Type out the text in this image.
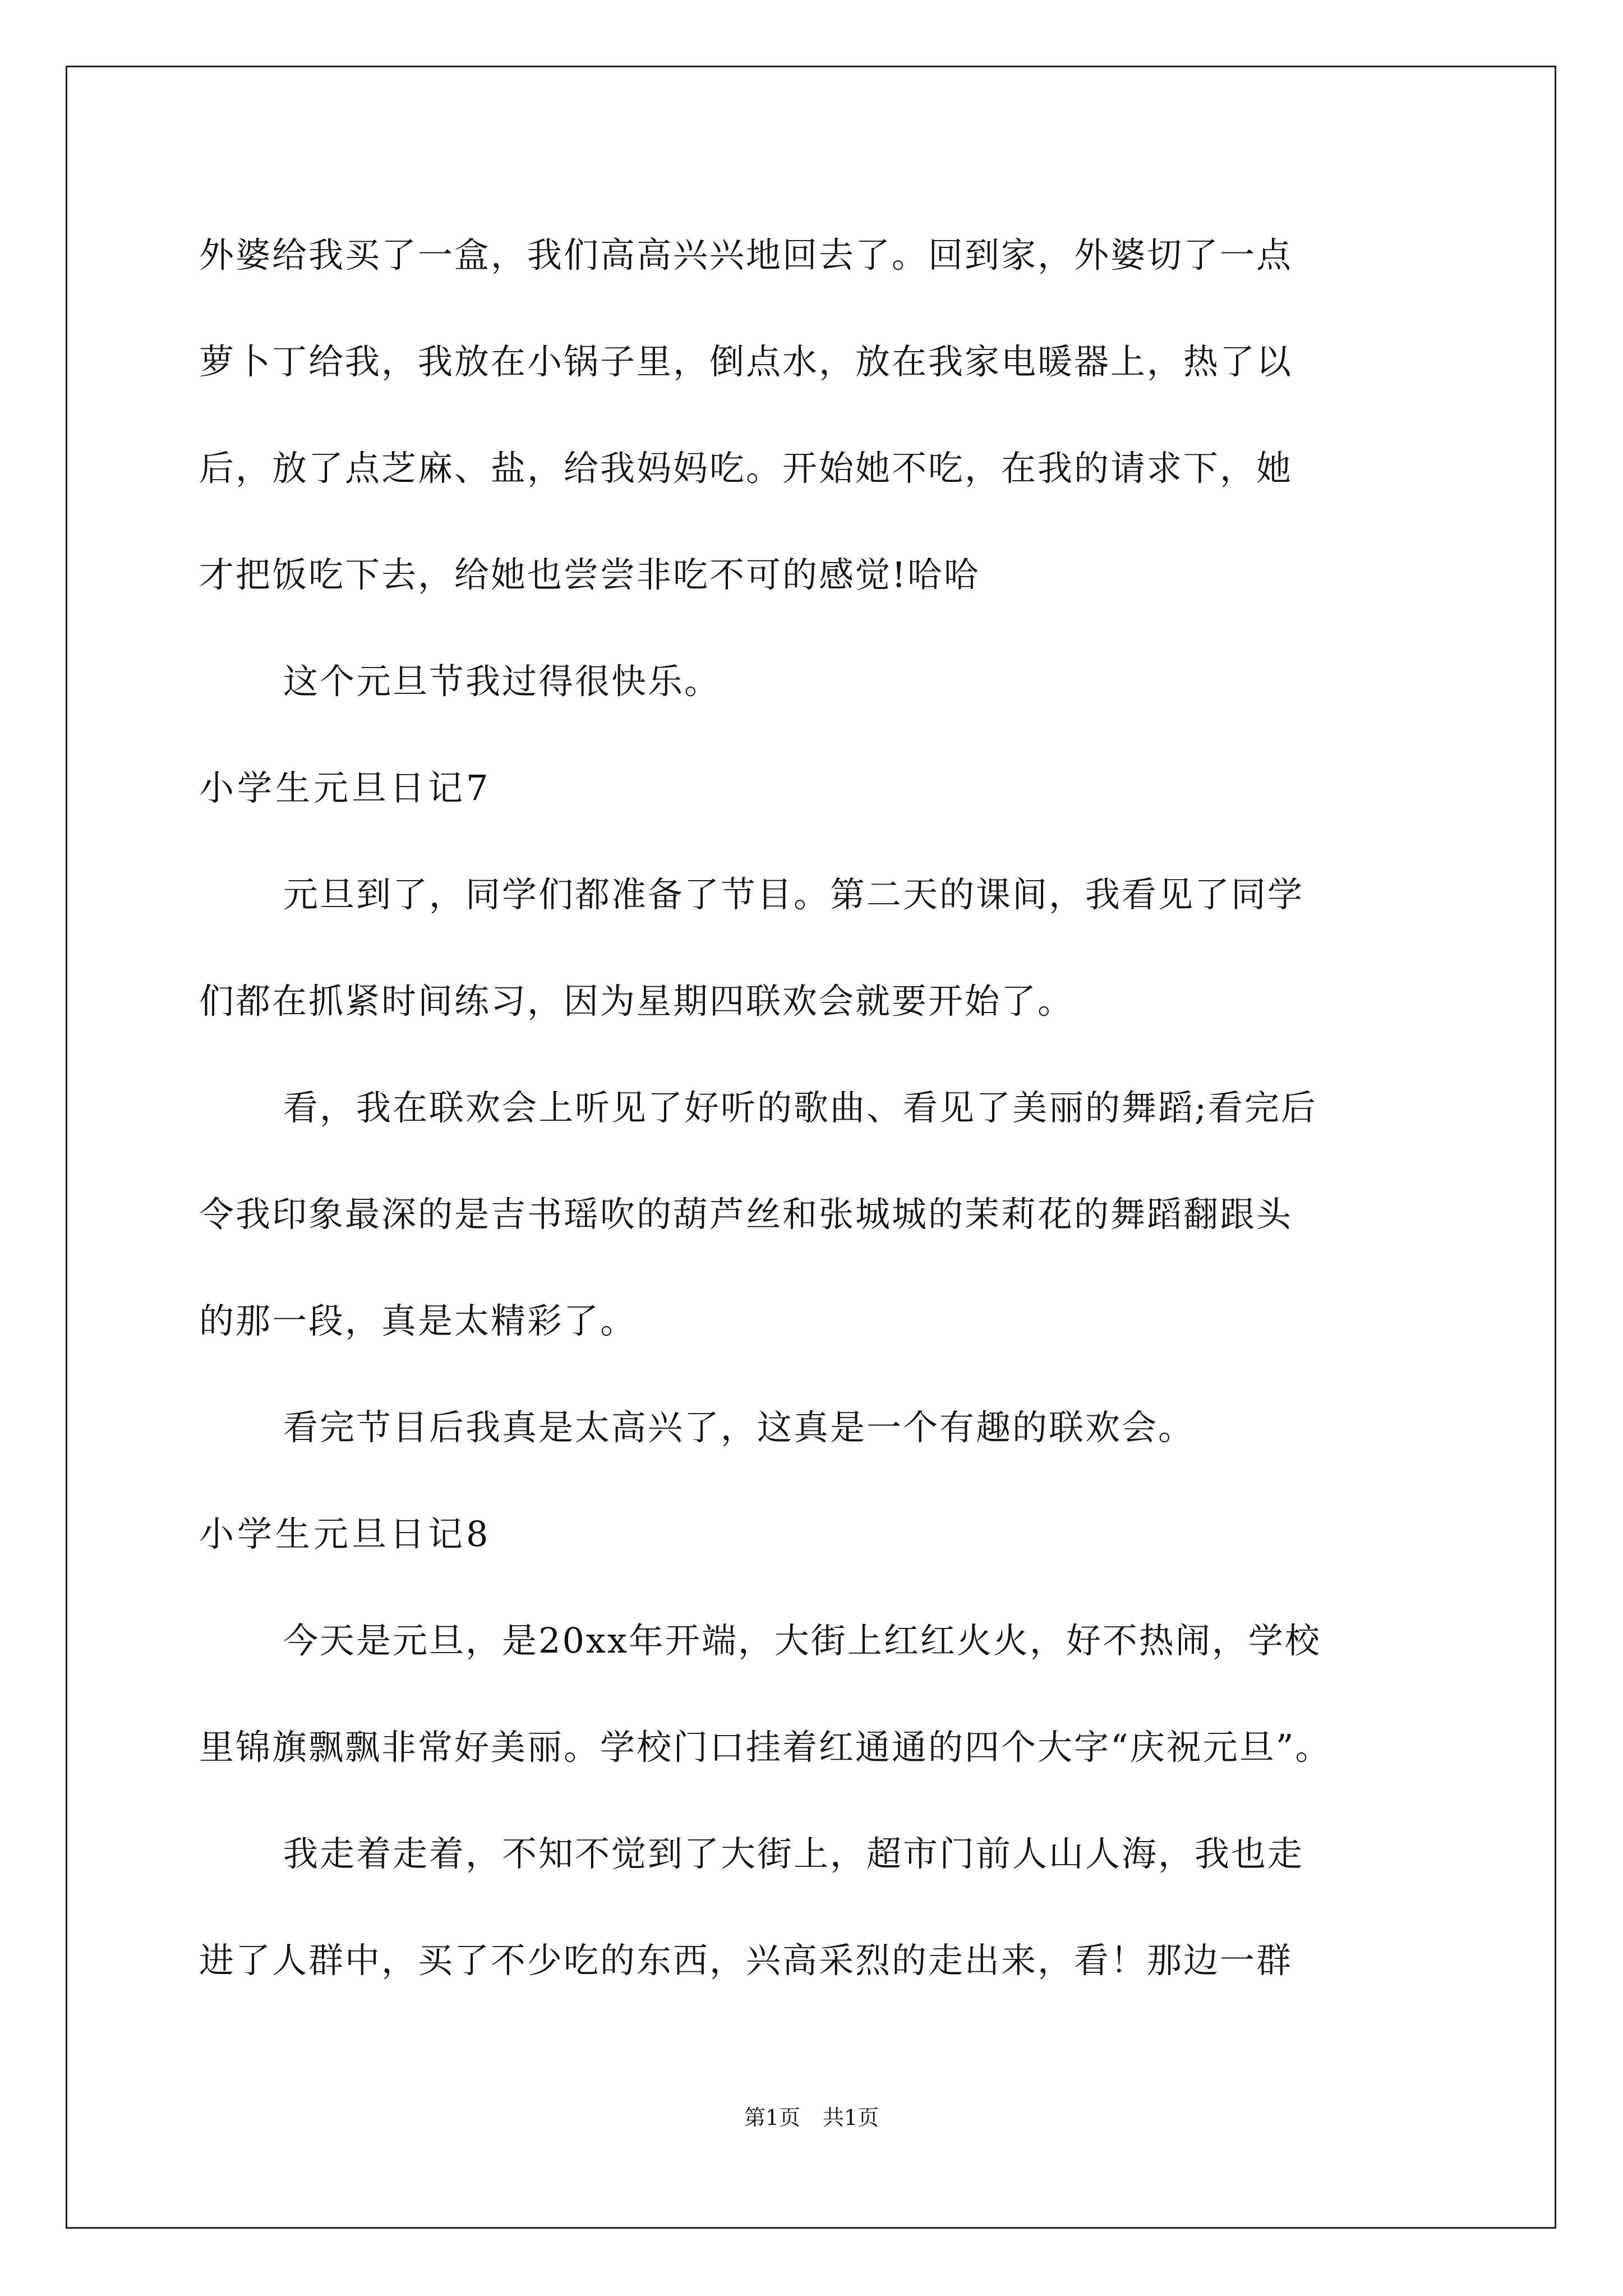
外婆给我买了一盒，我们高高兴兴地回去了。回到家，外婆切了一点
萝卜丁给我，我放在小锅子里，倒点水，放在我家电暖器上，热了以
后，放了点芝麻、盐，给我妈妈吃。开始她不吃，在我的请求下，她
才把饭吃下去，给她也尝尝非吃不可的感觉!哈哈
这个元旦节我过得很快乐。
小学生元旦日记7
元旦到了，同学们都准备了节目。第二天的课间，我看见了同学
们都在抓紧时间练习，因为星期四联欢会就要开始了。
看，我在联欢会上听见了好听的歌曲、看见了美丽的舞蹈;看完后
令我印象最深的是吉书瑶吹的葫芦丝和张城城的茉莉花的舞蹈翻跟头
的那一段，真是太精彩了。
看完节目后我真是太高兴了，这真是一个有趣的联欢会。
小学生元旦日记8
今天是元旦，是20xx年开端，大街上红红火火，好不热闹，学校
里锦旗飘飘非常好美丽。学校门口挂着红通通的四个大字“庆祝元旦”。
我走着走着，不知不觉到了大街上，超市门前人山人海，我也走
进了人群中，买了不少吃的东西，兴高采烈的走出来，看！那边一群
第1页 共1页
